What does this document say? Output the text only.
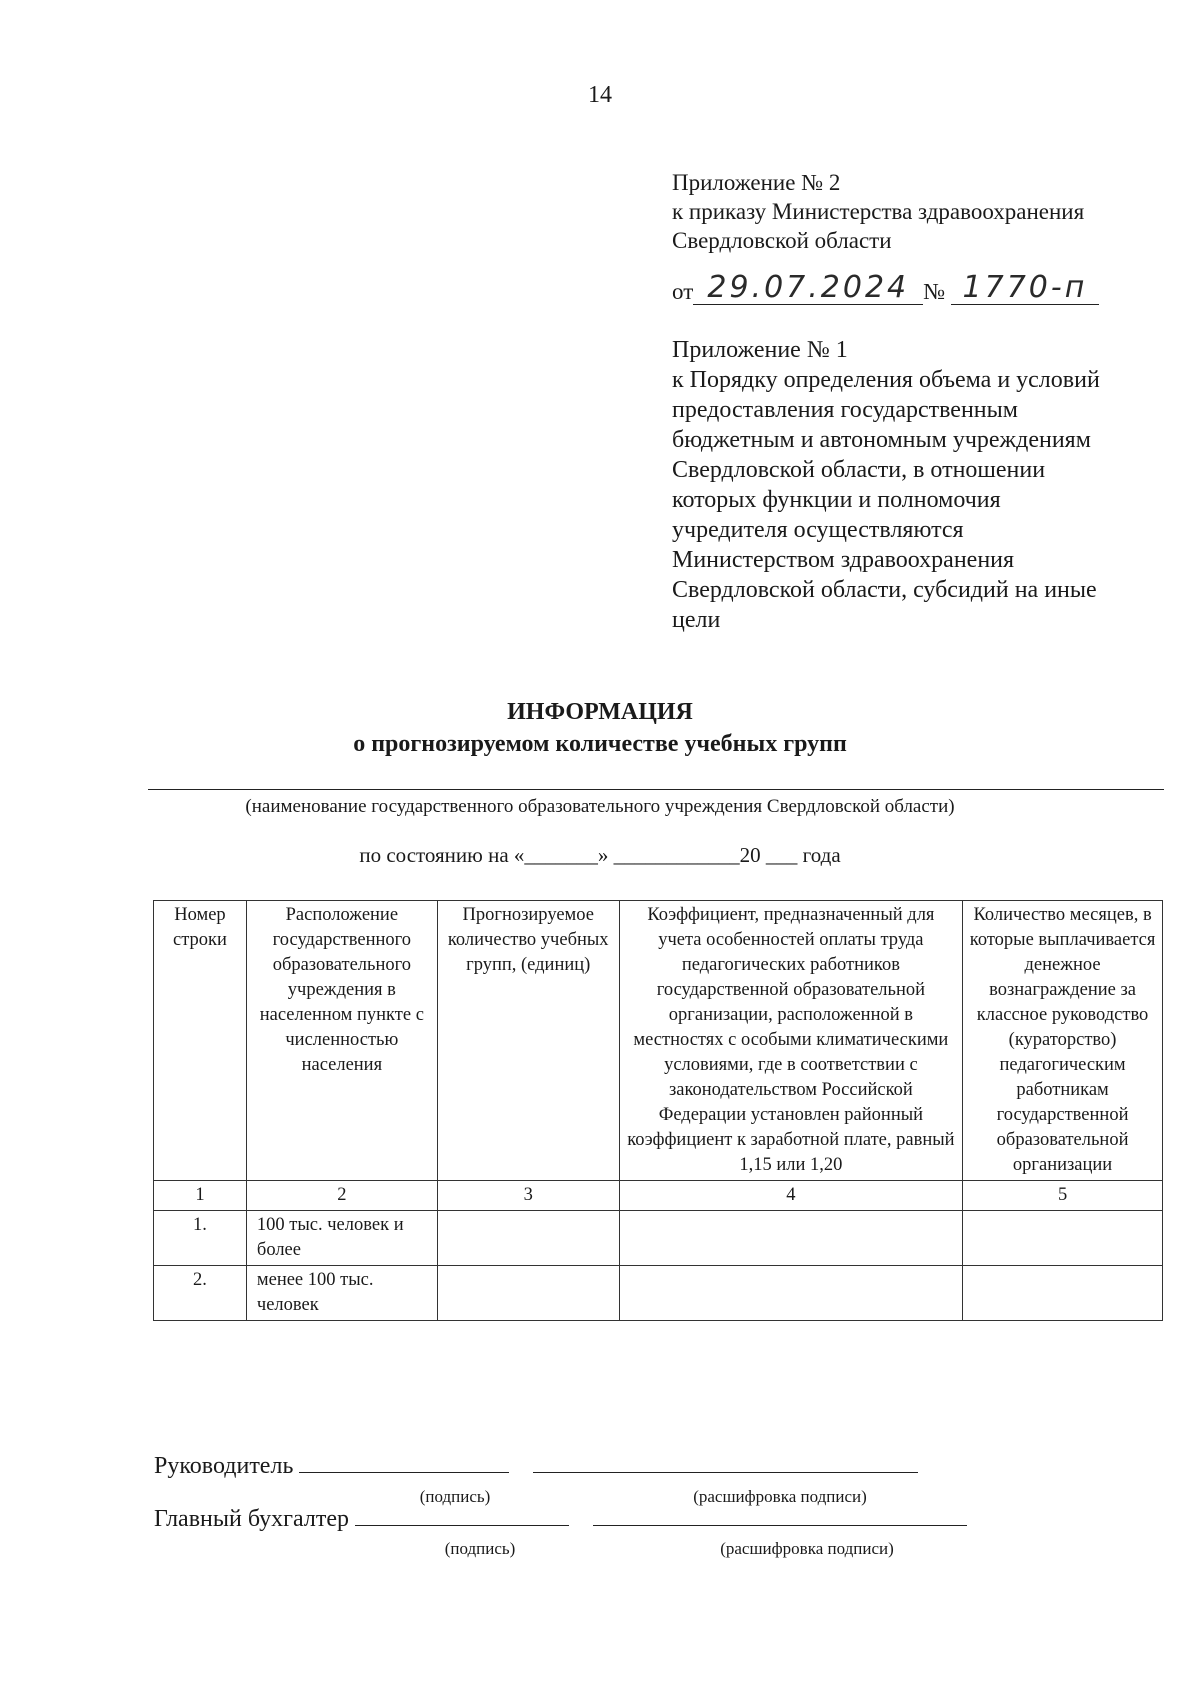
14
Приложение № 2
к приказу Министерства здравоохранения
Свердловской области
от 29.07.2024 № 1770-п
Приложение № 1
к Порядку определения объема и условий
предоставления государственным
бюджетным и автономным учреждениям
Свердловской области, в отношении
которых функции и полномочия
учредителя осуществляются
Министерством здравоохранения
Свердловской области, субсидий на иные
цели
ИНФОРМАЦИЯ
о прогнозируемом количестве учебных групп
(наименование государственного образовательного учреждения Свердловской области)
по состоянию на «_______» ____________20 ___ года
Номер строки	Расположение государственного образовательного учреждения в населенном пункте с численностью населения	Прогнозируемое количество учебных групп, (единиц)	Коэффициент, предназначенный для учета особенностей оплаты труда педагогических работников государственной образовательной организации, расположенной в местностях с особыми климатическими условиями, где в соответствии с законодательством Российской Федерации установлен районный коэффициент к заработной плате, равный 1,15 или 1,20	Количество месяцев, в которые выплачивается денежное вознаграждение за классное руководство (кураторство) педагогическим работникам государственной образовательной организации
1	2	3	4	5
1.	100 тыс. человек и более			
2.	менее 100 тыс. человек			
Руководитель
(подпись)	(расшифровка подписи)
Главный бухгалтер
(подпись)	(расшифровка подписи)
